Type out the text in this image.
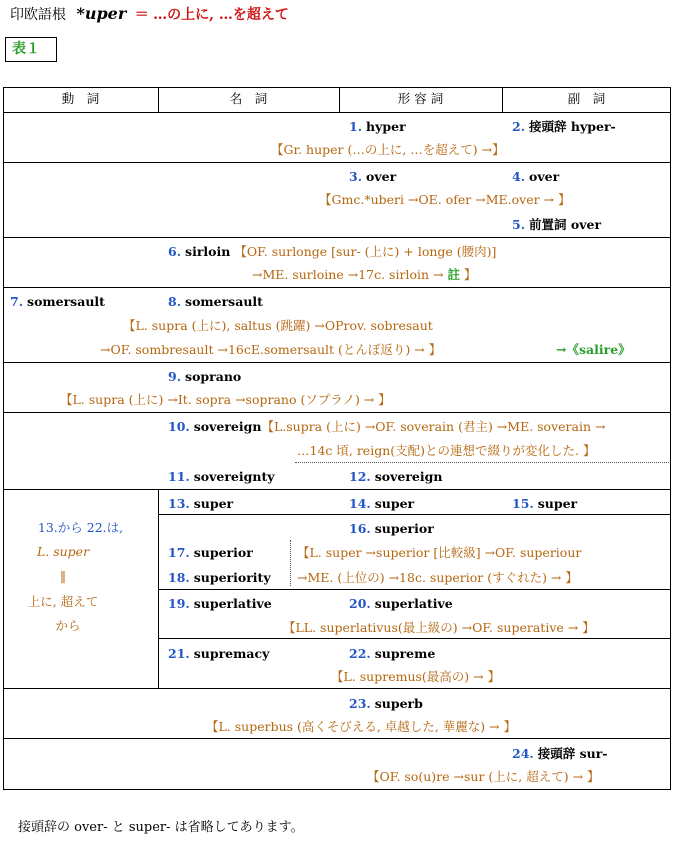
印欧語根 *uper ＝ …の上に, …を超えて
表１
動　詞	名　詞	形 容 詞	副　詞
1. hyper	2. 接頭辞 hyper-
【Gr. huper (…の上に, …を超えて) →】
3. over	4. over
【Gmc.*uberi →OE. ofer →ME.over → 】
5. 前置詞 over
6. sirloin 【OF. surlonge [sur- (上に) + longe (腰肉)]
→ME. surloine →17c. sirloin → 註 】
7. somersault	8. somersault
【L. supra (上に), saltus (跳躍) →OProv. sobresaut
→OF. sombresault →16cE.somersault (とんぼ返り) → 】	→《salire》
9. soprano
【L. supra (上に) →It. sopra →soprano (ソプラノ) → 】
10. sovereign【L.supra (上に) →OF. soverain (君主) →ME. soverain →
…14c 頃, reign(支配)との連想で綴りが変化した. 】
11. sovereignty	12. sovereign
13.から 22.は,
L. super
‖
上に, 超えて
から
13. super	14. super	15. super
16. superior
17. superior
18. superiority
【L. super →superior [比較級] →OF. superiour
→ME. (上位の) →18c. superior (すぐれた) → 】
19. superlative	20. superlative
【LL. superlativus(最上級の) →OF. superative → 】
21. supremacy	22. supreme
【L. supremus(最高の) → 】
23. superb
【L. superbus (高くそびえる, 卓越した, 華麗な) → 】
24. 接頭辞 sur-
【OF. so(u)re →sur (上に, 超えて) → 】
接頭辞の over- と super- は省略してあります。
